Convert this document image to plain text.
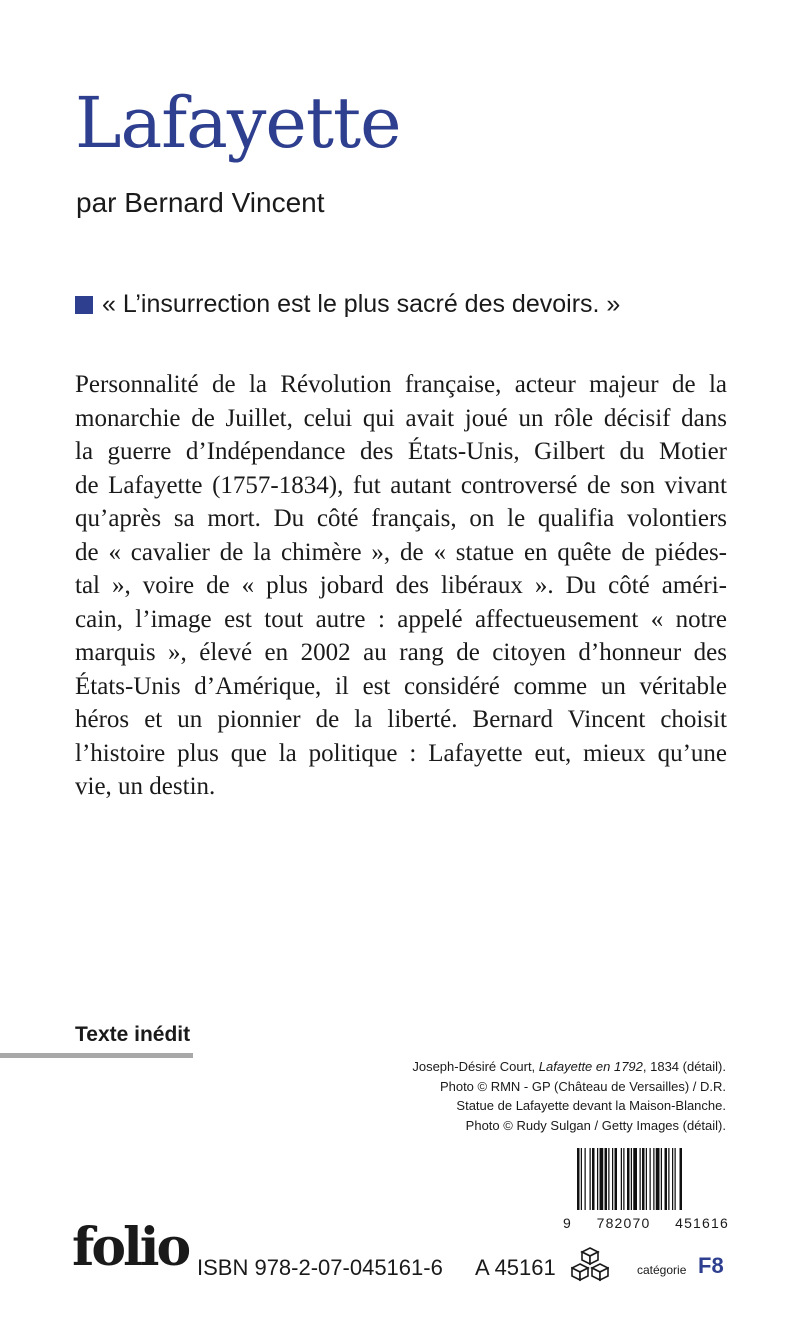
Lafayette
par Bernard Vincent
« L’insurrection est le plus sacré des devoirs. »

Personnalité de la Révolution française, acteur majeur de la

monarchie de Juillet, celui qui avait joué un rôle décisif dans

la guerre d’Indépendance des États-Unis, Gilbert du Motier

de Lafayette (1757-1834), fut autant controversé de son vivant

qu’après sa mort. Du côté français, on le qualifia volontiers

de « cavalier de la chimère », de « statue en quête de piédes-

tal », voire de « plus jobard des libéraux ». Du côté améri-

cain, l’image est tout autre : appelé affectueusement « notre

marquis », élevé en 2002 au rang de citoyen d’honneur des

États-Unis d’Amérique, il est considéré comme un véritable

héros et un pionnier de la liberté. Bernard Vincent choisit

l’histoire plus que la politique : Lafayette eut, mieux qu’une

vie, un destin.

Texte inédit
Joseph-Désiré Court, Lafayette en 1792, 1834 (détail).
Photo © RMN - GP (Château de Versailles) / D.R.
Statue de Lafayette devant la Maison-Blanche.
Photo © Rudy Sulgan / Getty Images (détail).
9 782070 451616
folio ISBN 978-2-07-045161-6 A 45161	catégorie F8
